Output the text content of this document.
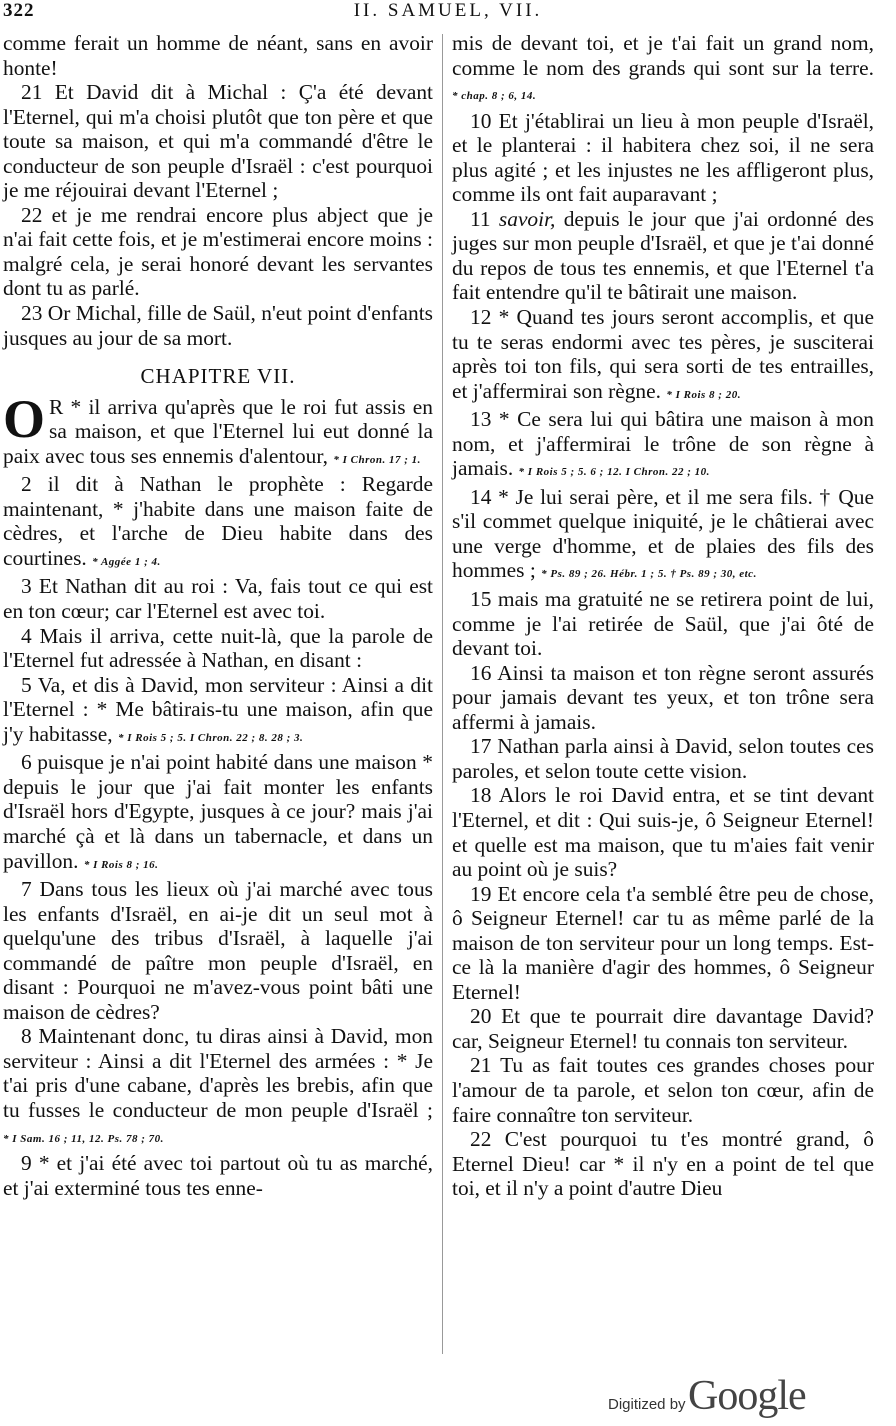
322	II. SAMUEL, VII.

comme ferait un homme de néant, sans en avoir honte!

21 Et David dit à Michal : Ç'a été devant l'Eternel, qui m'a choisi plutôt que ton père et que toute sa maison, et qui m'a commandé d'être le conducteur de son peuple d'Israël : c'est pourquoi je me réjouirai devant l'Eternel ;

22 et je me rendrai encore plus abject que je n'ai fait cette fois, et je m'estimerai encore moins : malgré cela, je serai honoré devant les servantes dont tu as parlé.

23 Or Michal, fille de Saül, n'eut point d'enfants jusques au jour de sa mort.

CHAPITRE VII.

O R * il arriva qu'après que le roi fut assis en sa maison, et que l'Eternel lui eut donné la paix avec tous ses ennemis d'alentour, * I Chron. 17 ; 1.

2 il dit à Nathan le prophète : Regarde maintenant, * j'habite dans une maison faite de cèdres, et l'arche de Dieu habite dans des courtines. * Aggée 1 ; 4.

3 Et Nathan dit au roi : Va, fais tout ce qui est en ton cœur; car l'Eternel est avec toi.

4 Mais il arriva, cette nuit-là, que la parole de l'Eternel fut adressée à Nathan, en disant :

5 Va, et dis à David, mon serviteur : Ainsi a dit l'Eternel : * Me bâtirais-tu une maison, afin que j'y habitasse, * I Rois 5 ; 5. I Chron. 22 ; 8. 28 ; 3.

6 puisque je n'ai point habité dans une maison * depuis le jour que j'ai fait monter les enfants d'Israël hors d'Egypte, jusques à ce jour? mais j'ai marché çà et là dans un tabernacle, et dans un pavillon. * I Rois 8 ; 16.

7 Dans tous les lieux où j'ai marché avec tous les enfants d'Israël, en ai-je dit un seul mot à quelqu'une des tribus d'Israël, à laquelle j'ai commandé de paître mon peuple d'Israël, en disant : Pourquoi ne m'avez-vous point bâti une maison de cèdres?

8 Maintenant donc, tu diras ainsi à David, mon serviteur : Ainsi a dit l'Eternel des armées : * Je t'ai pris d'une cabane, d'après les brebis, afin que tu fusses le conducteur de mon peuple d'Israël ; * I Sam. 16 ; 11, 12. Ps. 78 ; 70.

9 * et j'ai été avec toi partout où tu as marché, et j'ai exterminé tous tes enne-

mis de devant toi, et je t'ai fait un grand nom, comme le nom des grands qui sont sur la terre. * chap. 8 ; 6, 14.

10 Et j'établirai un lieu à mon peuple d'Israël, et le planterai : il habitera chez soi, il ne sera plus agité ; et les injustes ne les affligeront plus, comme ils ont fait auparavant ;

11 savoir, depuis le jour que j'ai ordonné des juges sur mon peuple d'Israël, et que je t'ai donné du repos de tous tes ennemis, et que l'Eternel t'a fait entendre qu'il te bâtirait une maison.

12 * Quand tes jours seront accomplis, et que tu te seras endormi avec tes pères, je susciterai après toi ton fils, qui sera sorti de tes entrailles, et j'affermirai son règne. * I Rois 8 ; 20.

13 * Ce sera lui qui bâtira une maison à mon nom, et j'affermirai le trône de son règne à jamais. * I Rois 5 ; 5. 6 ; 12. I Chron. 22 ; 10.

14 * Je lui serai père, et il me sera fils. † Que s'il commet quelque iniquité, je le châtierai avec une verge d'homme, et de plaies des fils des hommes ; * Ps. 89 ; 26. Hébr. 1 ; 5. † Ps. 89 ; 30, etc.

15 mais ma gratuité ne se retirera point de lui, comme je l'ai retirée de Saül, que j'ai ôté de devant toi.

16 Ainsi ta maison et ton règne seront assurés pour jamais devant tes yeux, et ton trône sera affermi à jamais.

17 Nathan parla ainsi à David, selon toutes ces paroles, et selon toute cette vision.

18 Alors le roi David entra, et se tint devant l'Eternel, et dit : Qui suis-je, ô Seigneur Eternel! et quelle est ma maison, que tu m'aies fait venir au point où je suis?

19 Et encore cela t'a semblé être peu de chose, ô Seigneur Eternel! car tu as même parlé de la maison de ton serviteur pour un long temps. Est-ce là la manière d'agir des hommes, ô Seigneur Eternel!

20 Et que te pourrait dire davantage David? car, Seigneur Eternel! tu connais ton serviteur.

21 Tu as fait toutes ces grandes choses pour l'amour de ta parole, et selon ton cœur, afin de faire connaître ton serviteur.

22 C'est pourquoi tu t'es montré grand, ô Eternel Dieu! car * il n'y en a point de tel que toi, et il n'y a point d'autre Dieu

Digitized by Google
